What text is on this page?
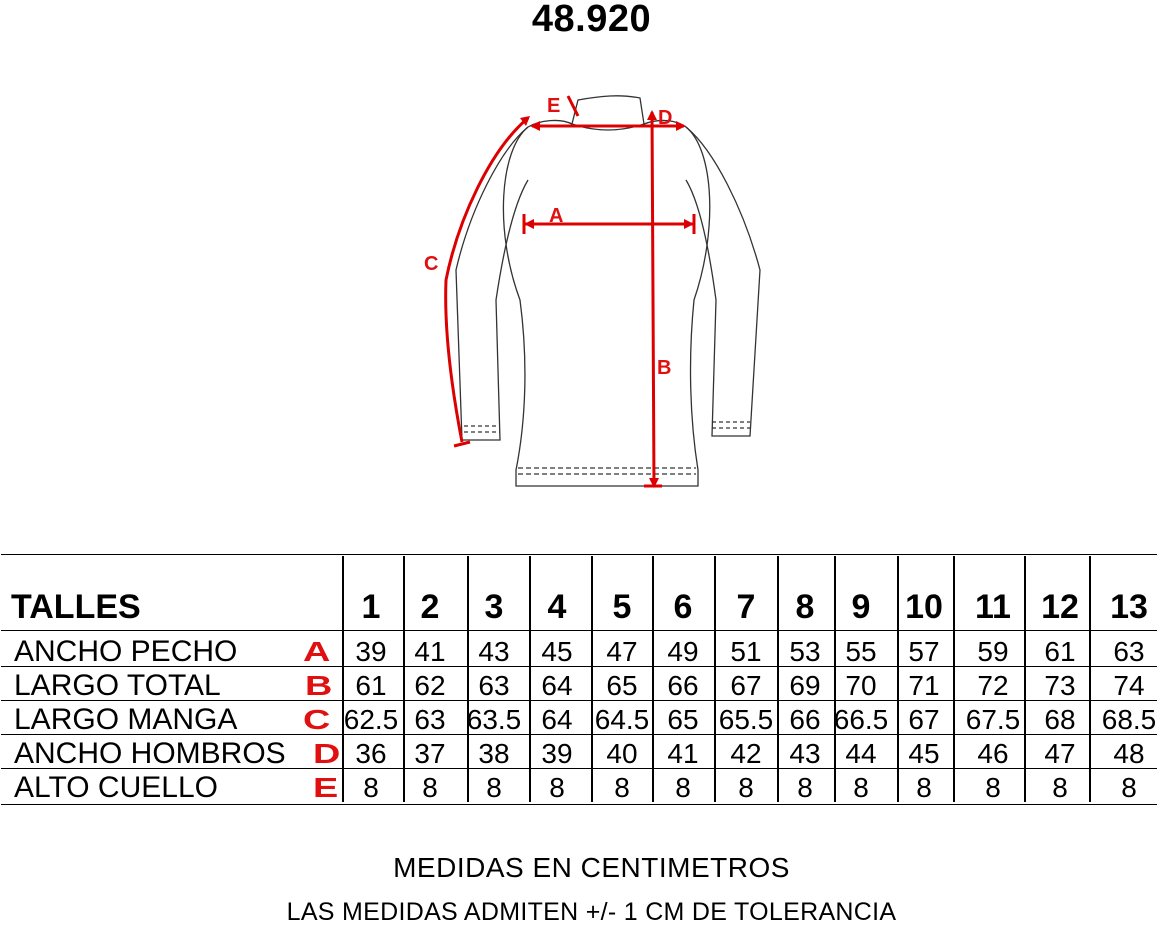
48.920
A
B
C
D
E
TALLES	1	2	3	4	5	6	7	8	9	10 11 12 13
ANCHO PECHO A 39 41	43	45	47	49	51 53 55	57	59	61	63
LARGO TOTAL	B 61 62	63	64	65	66	67 69 70	71	72	73	74
LARGO MANGA C 62.5 63 63.5 64 64.5 65 65.5 66 66.5 67 67.5 68 68.5
ANCHO HOMBROS D 36 37	38	39	40	41	42 43 44	45	46	47	48
ALTO CUELLO	E 8	8	8	8	8	8	8	8	8	8	8	8	8
MEDIDAS EN CENTIMETROS
LAS MEDIDAS ADMITEN +/- 1 CM DE TOLERANCIA
